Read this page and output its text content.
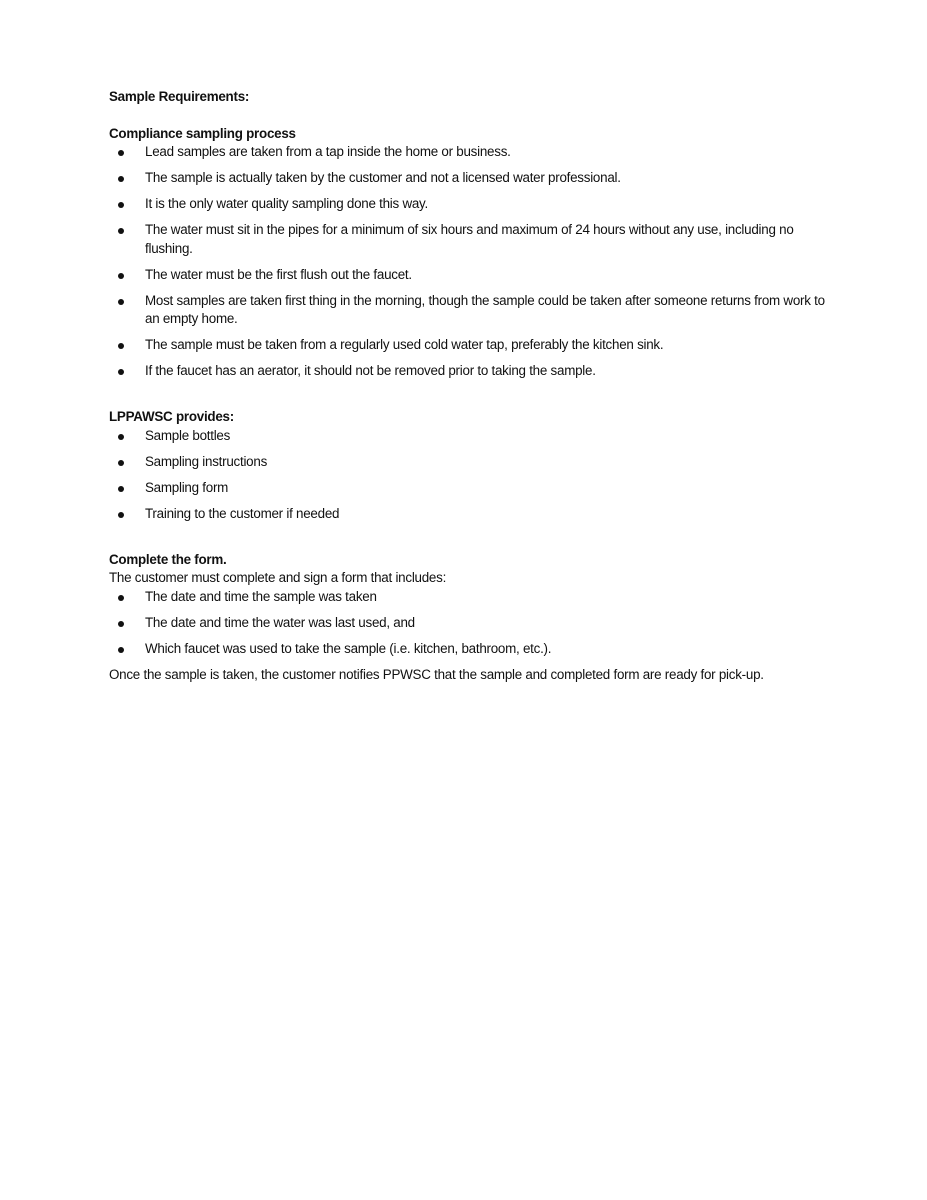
Sample Requirements:

Compliance sampling process

Lead samples are taken from a tap inside the home or business.
The sample is actually taken by the customer and not a licensed water professional.
It is the only water quality sampling done this way.
The water must sit in the pipes for a minimum of six hours and maximum of 24 hours without any use, including no flushing.
The water must be the first flush out the faucet.
Most samples are taken first thing in the morning, though the sample could be taken after someone returns from work to an empty home.
The sample must be taken from a regularly used cold water tap, preferably the kitchen sink.
If the faucet has an aerator, it should not be removed prior to taking the sample.

LPPAWSC provides:

Sample bottles
Sampling instructions
Sampling form
Training to the customer if needed

Complete the form.

The customer must complete and sign a form that includes:

The date and time the sample was taken
The date and time the water was last used, and
Which faucet was used to take the sample (i.e. kitchen, bathroom, etc.).

Once the sample is taken, the customer notifies PPWSC that the sample and completed form are ready for pick-up.
